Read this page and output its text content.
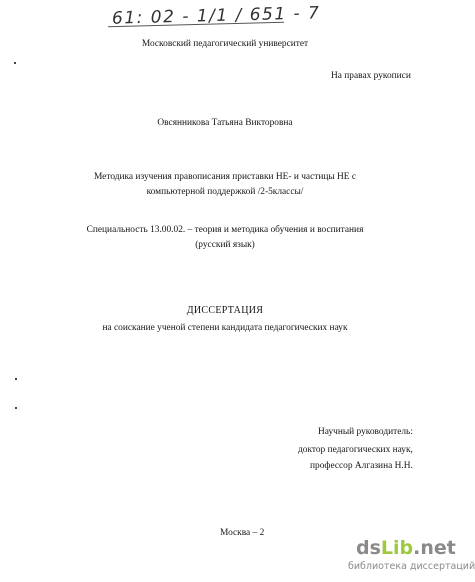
61: 02 - 1/1 / 651 - 7
Московский педагогический университет
На правах рукописи
Овсянникова Татьяна Викторовна
Методика изучения правописания приставки НЕ- и частицы НЕ с
компьютерной поддержкой /2-5классы/
Специальность 13.00.02. – теория и методика обучения и воспитания
(русский язык)
ДИССЕРТАЦИЯ
на соискание ученой степени кандидата педагогических наук
Научный руководитель:
доктор педагогических наук,
профессор Алгазина Н.Н.
Москва – 2
dsLib.net
библиотека диссертаций
